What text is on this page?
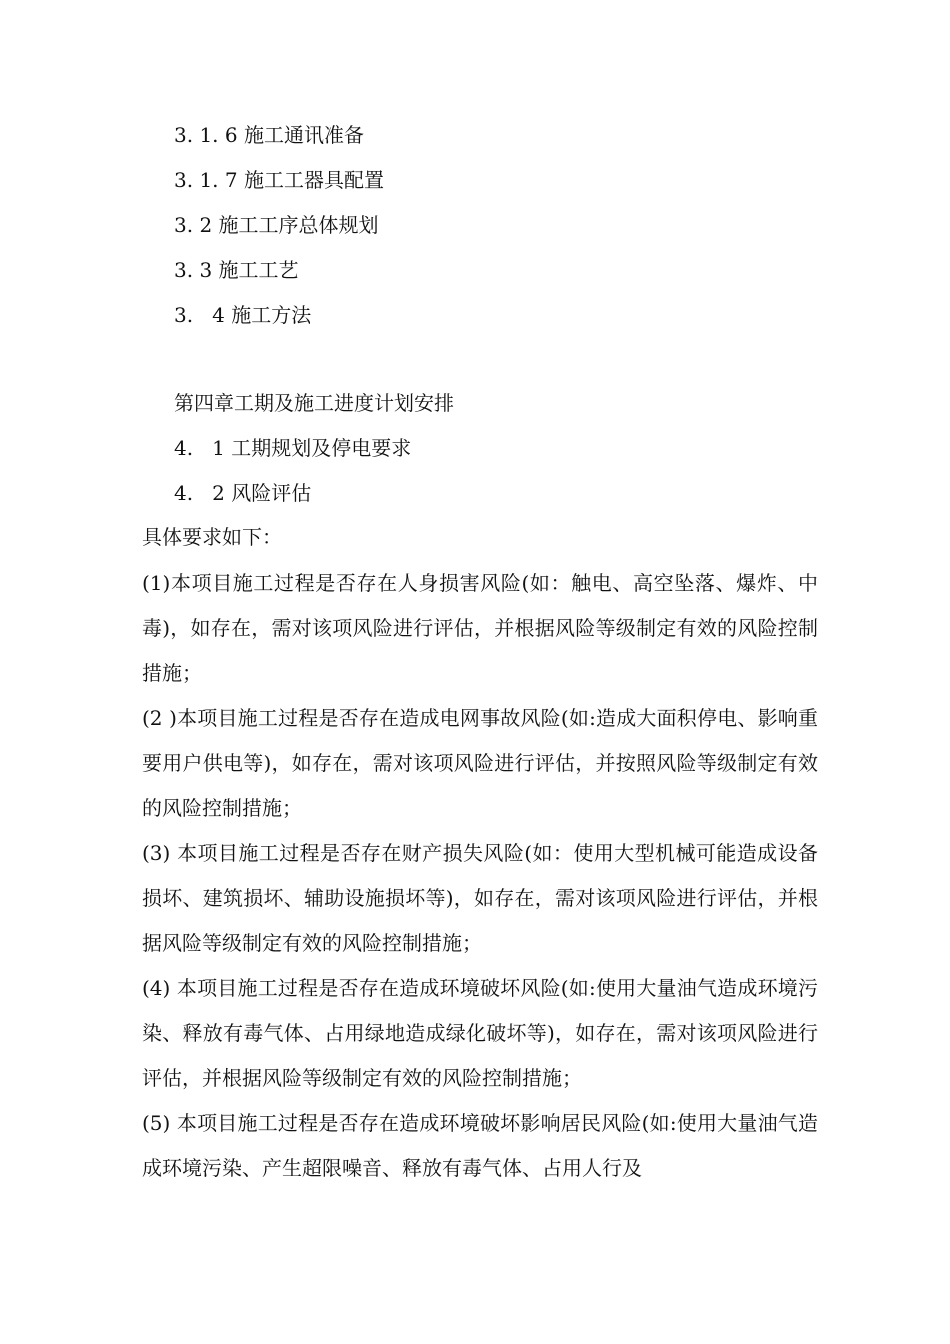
3. 1. 6 施工通讯准备
3. 1. 7 施工工器具配置
3. 2 施工工序总体规划
3. 3 施工工艺
3.   4 施工方法
第四章工期及施工进度计划安排
4.   1 工期规划及停电要求
4.   2 风险评估
具体要求如下：
(1)本项目施工过程是否存在人身损害风险(如：触电、高空坠落、爆炸、中毒)，如存在，需对该项风险进行评估，并根据风险等级制定有效的风险控制措施；
(2 )本项目施工过程是否存在造成电网事故风险(如:造成大面积停电、影响重要用户供电等)，如存在，需对该项风险进行评估，并按照风险等级制定有效的风险控制措施；
(3) 本项目施工过程是否存在财产损失风险(如：使用大型机械可能造成设备损坏、建筑损坏、辅助设施损坏等)，如存在，需对该项风险进行评估，并根据风险等级制定有效的风险控制措施；
(4) 本项目施工过程是否存在造成环境破坏风险(如:使用大量油气造成环境污染、释放有毒气体、占用绿地造成绿化破坏等)，如存在，需对该项风险进行评估，并根据风险等级制定有效的风险控制措施；
(5) 本项目施工过程是否存在造成环境破坏影响居民风险(如:使用大量油气造成环境污染、产生超限噪音、释放有毒气体、占用人行及
